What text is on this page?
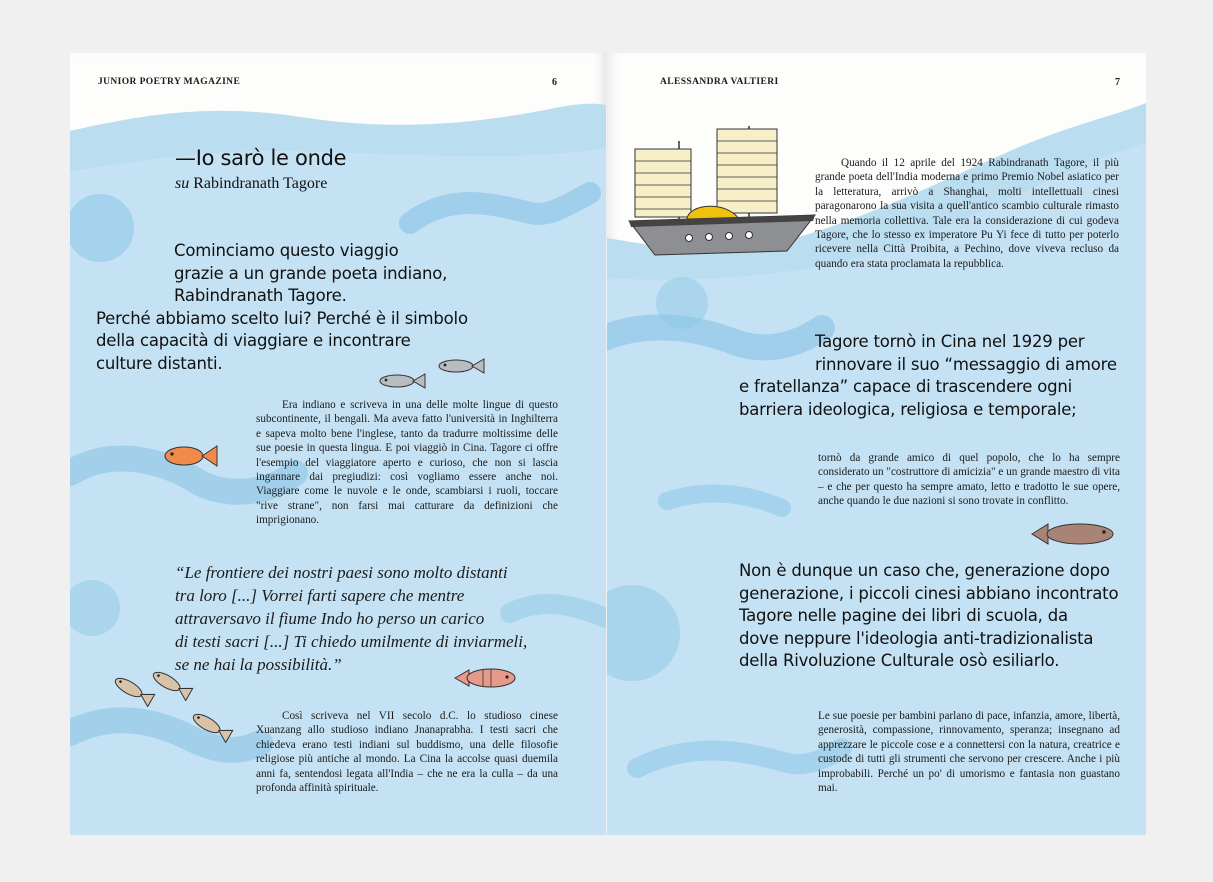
JUNIOR POETRY MAGAZINE	6
—Io sarò le onde
su Rabindranath Tagore
Cominciamo questo viaggio
grazie a un grande poeta indiano,
Rabindranath Tagore.
Perché abbiamo scelto lui? Perché è il simbolo
della capacità di viaggiare e incontrare
culture distanti.
Era indiano e scriveva in una delle molte lingue di questo subcontinente, il bengali. Ma aveva fatto l'università in Inghilterra e sapeva molto bene l'inglese, tanto da tradurre moltissime delle sue poesie in questa lingua. E poi viaggiò in Cina. Tagore ci offre l'esempio del viaggiatore aperto e curioso, che non si lascia ingannare dai pregiudizi: così vogliamo essere anche noi. Viaggiare come le nuvole e le onde, scambiarsi i ruoli, toccare "rive strane", non farsi mai catturare da definizioni che imprigionano.
“Le frontiere dei nostri paesi sono molto distanti
tra loro [...] Vorrei farti sapere che mentre
attraversavo il fiume Indo ho perso un carico
di testi sacri [...] Ti chiedo umilmente di inviarmeli,
se ne hai la possibilità.”
Così scriveva nel VII secolo d.C. lo studioso cinese Xuanzang allo studioso indiano Jnanaprabha. I testi sacri che chiedeva erano testi indiani sul buddismo, una delle filosofie religiose più antiche al mondo. La Cina la accolse quasi duemila anni fa, sentendosi legata all'India – che ne era la culla – da una profonda affinità spirituale.
ALESSANDRA VALTIERI	7
Quando il 12 aprile del 1924 Rabindranath Tagore, il più grande poeta dell'India moderna e primo Premio Nobel asiatico per la letteratura, arrivò a Shanghai, molti intellettuali cinesi paragonarono la sua visita a quell'antico scambio culturale rimasto nella memoria collettiva. Tale era la considerazione di cui godeva Tagore, che lo stesso ex imperatore Pu Yi fece di tutto per poterlo ricevere nella Città Proibita, a Pechino, dove viveva recluso da quando era stata proclamata la repubblica.
Tagore tornò in Cina nel 1929 per
rinnovare il suo “messaggio di amore
e fratellanza” capace di trascendere ogni
barriera ideologica, religiosa e temporale;
tornò da grande amico di quel popolo, che lo ha sempre considerato un "costruttore di amicizia" e un grande maestro di vita – e che per questo ha sempre amato, letto e tradotto le sue opere, anche quando le due nazioni si sono trovate in conflitto.
Non è dunque un caso che, generazione dopo
generazione, i piccoli cinesi abbiano incontrato
Tagore nelle pagine dei libri di scuola, da
dove neppure l'ideologia anti-tradizionalista
della Rivoluzione Culturale osò esiliarlo.
Le sue poesie per bambini parlano di pace, infanzia, amore, libertà, generosità, compassione, rinnovamento, speranza; insegnano ad apprezzare le piccole cose e a connettersi con la natura, creatrice e custode di tutti gli strumenti che servono per crescere. Anche i più improbabili. Perché un po' di umorismo e fantasia non guastano mai.
